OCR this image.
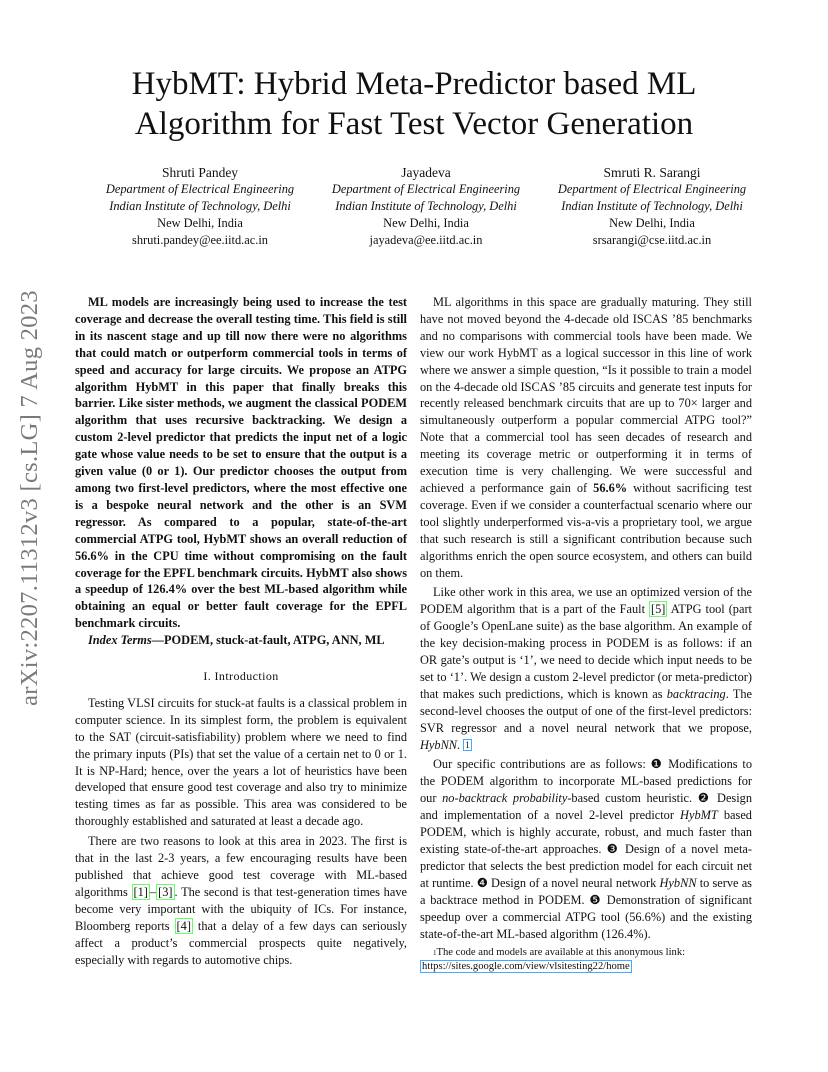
arXiv:2207.11312v3 [cs.LG] 7 Aug 2023
HybMT: Hybrid Meta-Predictor based ML
Algorithm for Fast Test Vector Generation
Shruti Pandey
Department of Electrical Engineering
Indian Institute of Technology, Delhi
New Delhi, India
shruti.pandey@ee.iitd.ac.in
Jayadeva
Department of Electrical Engineering
Indian Institute of Technology, Delhi
New Delhi, India
jayadeva@ee.iitd.ac.in
Smruti R. Sarangi
Department of Electrical Engineering
Indian Institute of Technology, Delhi
New Delhi, India
srsarangi@cse.iitd.ac.in

ML models are increasingly being used to increase the test coverage and decrease the overall testing time. This field is still in its nascent stage and up till now there were no algorithms that could match or outperform commercial tools in terms of speed and accuracy for large circuits. We propose an ATPG algorithm HybMT in this paper that finally breaks this barrier. Like sister methods, we augment the classical PODEM algorithm that uses recursive backtracking. We design a custom 2-level predictor that predicts the input net of a logic gate whose value needs to be set to ensure that the output is a given value (0 or 1). Our predictor chooses the output from among two first-level predictors, where the most effective one is a bespoke neural network and the other is an SVM regressor. As compared to a popular, state-of-the-art commercial ATPG tool, HybMT shows an overall reduction of 56.6% in the CPU time without compromising on the fault coverage for the EPFL benchmark circuits. HybMT also shows a speedup of 126.4% over the best ML-based algorithm while obtaining an equal or better fault coverage for the EPFL benchmark circuits.

Index Terms—PODEM, stuck-at-fault, ATPG, ANN, ML

I. Introduction

Testing VLSI circuits for stuck-at faults is a classical problem in computer science. In its simplest form, the problem is equivalent to the SAT (circuit-satisfiability) problem where we need to find the primary inputs (PIs) that set the value of a certain net to 0 or 1. It is NP-Hard; hence, over the years a lot of heuristics have been developed that ensure good test coverage and also try to minimize testing times as far as possible. This area was considered to be thoroughly established and saturated at least a decade ago.

There are two reasons to look at this area in 2023. The first is that in the last 2-3 years, a few encouraging results have been published that achieve good test coverage with ML-based algorithms [1] – [3] . The second is that test-generation times have become very important with the ubiquity of ICs. For instance, Bloomberg reports [4] that a delay of a few days can seriously affect a product’s commercial prospects quite negatively, especially with regards to automotive chips.

ML algorithms in this space are gradually maturing. They still have not moved beyond the 4-decade old ISCAS ’85 benchmarks and no comparisons with commercial tools have been made. We view our work HybMT as a logical successor in this line of work where we answer a simple question, “Is it possible to train a model on the 4-decade old ISCAS ’85 circuits and generate test inputs for recently released benchmark circuits that are up to 70× larger and simultaneously outperform a popular commercial ATPG tool?” Note that a commercial tool has seen decades of research and meeting its coverage metric or outperforming it in terms of execution time is very challenging. We were successful and achieved a performance gain of 56.6% without sacrificing test coverage. Even if we consider a counterfactual scenario where our tool slightly underperformed vis-a-vis a proprietary tool, we argue that such research is still a significant contribution because such algorithms enrich the open source ecosystem, and others can build on them.

Like other work in this area, we use an optimized version of the PODEM algorithm that is a part of the Fault [5] ATPG tool (part of Google’s OpenLane suite) as the base algorithm. An example of the key decision-making process in PODEM is as follows: if an OR gate’s output is ‘1’, we need to decide which input needs to be set to ‘1’. We design a custom 2-level predictor (or meta-predictor) that makes such predictions, which is known as backtracing. The second-level chooses the output of one of the first-level predictors: SVR regressor and a novel neural network that we propose, HybNN. $^1$

Our specific contributions are as follows: ❶ Modifications to the PODEM algorithm to incorporate ML-based predictions for our no-backtrack probability-based custom heuristic. ❷ Design and implementation of a novel 2-level predictor HybMT based PODEM, which is highly accurate, robust, and much faster than existing state-of-the-art approaches. ❸ Design of a novel meta-predictor that selects the best prediction model for each circuit net at runtime. ❹ Design of a novel neural network HybNN to serve as a backtrace method in PODEM. ❺ Demonstration of significant speedup over a commercial ATPG tool (56.6%) and the existing state-of-the-art ML-based algorithm (126.4%).

$^1$The code and models are available at this anonymous link: https://sites.google.com/view/vlsitesting22/home
